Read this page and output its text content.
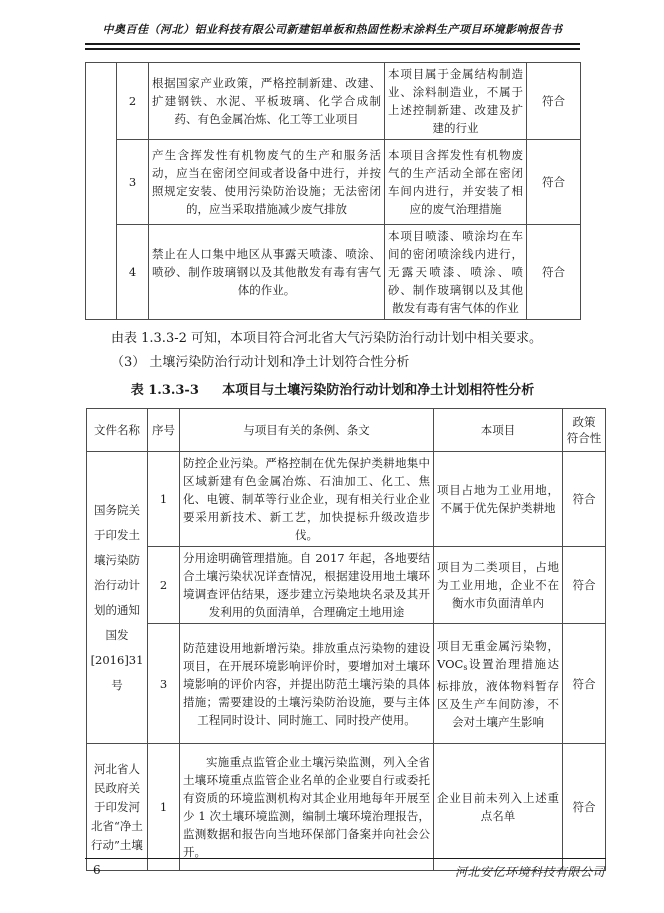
中奥百佳（河北）铝业科技有限公司新建铝单板和热固性粉末涂料生产项目环境影响报告书
	2	根据国家产业政策，严格控制新建、改建、扩建钢铁、水泥、平板玻璃、化学合成制药、有色金属冶炼、化工等工业项目	本项目属于金属结构制造业、涂料制造业，不属于上述控制新建、改建及扩建的行业	符合
	3	产生含挥发性有机物废气的生产和服务活动，应当在密闭空间或者设备中进行，并按照规定安装、使用污染防治设施；无法密闭的，应当采取措施减少废气排放	本项目含挥发性有机物废气的生产活动全部在密闭车间内进行，并安装了相应的废气治理措施	符合
	4	禁止在人口集中地区从事露天喷漆、喷涂、喷砂、制作玻璃钢以及其他散发有毒有害气体的作业。	本项目喷漆、喷涂均在车间的密闭喷涂线内进行，无露天喷漆、喷涂、喷砂、制作玻璃钢以及其他散发有毒有害气体的作业	符合

由表 1.3.3-2 可知，本项目符合河北省大气污染防治行动计划中相关要求。

（3） 土壤污染防治行动计划和净土计划符合性分析

表 1.3.3-3 本项目与土壤污染防治行动计划和净土计划相符性分析

文件名称	序号	与项目有关的条例、条文	本项目	政策
符合性

国务院关于印发土壤污染防治行动计划的通知
国发
[2016]31
号	1	防控企业污染。严格控制在优先保护类耕地集中区域新建有色金属冶炼、石油加工、化工、焦化、电镀、制革等行业企业，现有相关行业企业要采用新技术、新工艺，加快提标升级改造步伐。	项目占地为工业用地，不属于优先保护类耕地	符合
	2	分用途明确管理措施。自 2017 年起，各地要结合土壤污染状况详查情况，根据建设用地土壤环境调查评估结果，逐步建立污染地块名录及其开发利用的负面清单，合理确定土地用途	项目为二类项目，占地为工业用地，企业不在衡水市负面清单内	符合
	3	防范建设用地新增污染。排放重点污染物的建设项目，在开展环境影响评价时，要增加对土壤环境影响的评价内容，并提出防范土壤污染的具体措施；需要建设的土壤污染防治设施，要与主体工程同时设计、同时施工、同时投产使用。	项目无重金属污染物，$VOC_s$设置治理措施达标排放，液体物料暂存区及生产车间防渗，不会对土壤产生影响	符合

河北省人民政府关于印发河北省“净土行动”土壤	1	实施重点监管企业土壤污染监测，列入全省土壤环境重点监管企业名单的企业要自行或委托有资质的环境监测机构对其企业用地每年开展至少 1 次土壤环境监测，编制土壤环境治理报告，监测数据和报告向当地环保部门备案并向社会公开。	企业目前未列入上述重点名单	符合
6	河北安亿环境科技有限公司
